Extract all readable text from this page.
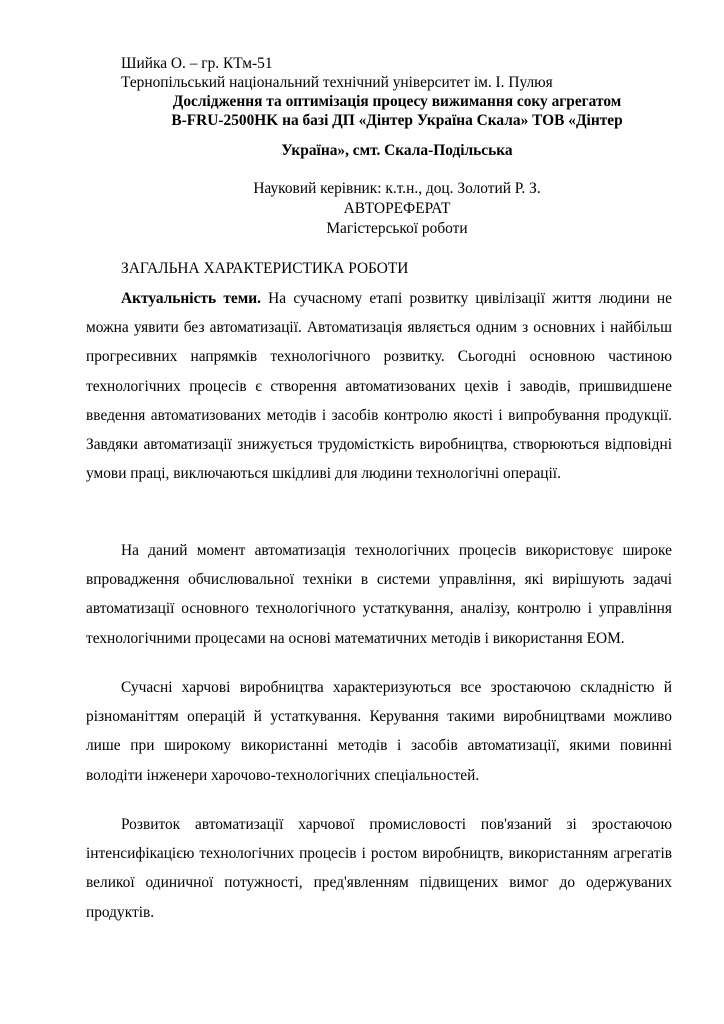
Шийка О. – гр. КТм-51
Тернопільський національний технічний університет ім. І. Пулюя
Дослідження та оптимізація процесу вижимання соку агрегатом
B-FRU-2500HK на базі ДП «Дінтер Україна Скала» ТОВ «Дінтер
Україна», смт. Скала-Подільська
Науковий керівник: к.т.н., доц. Золотий Р. З.
АВТОРЕФЕРАТ
Магістерської роботи
ЗАГАЛЬНА ХАРАКТЕРИСТИКА РОБОТИ
Актуальність теми. На сучасному етапі розвитку цивілізації життя людини не можна уявити без автоматизації. Автоматизація являється одним з основних і найбільш прогресивних напрямків технологічного розвитку. Сьогодні основною частиною технологічних процесів є створення автоматизованих цехів і заводів, пришвидшене введення автоматизованих методів і засобів контролю якості і випробування продукції. Завдяки автоматизації знижується трудомісткість виробництва, створюються відповідні умови праці, виключаються шкідливі для людини технологічні операції.
На даний момент автоматизація технологічних процесів використовує широке впровадження обчислювальної техніки в системи управління, які вирішують задачі автоматизації основного технологічного устаткування, аналізу, контролю і управління технологічними процесами на основі математичних методів і використання ЕОМ.
Сучасні харчові виробництва характеризуються все зростаючою складністю й різноманіттям операцій й устаткування. Керування такими виробництвами можливо лише при широкому використанні методів і засобів автоматизації, якими повинні володіти інженери харочово-технологічних спеціальностей.
Розвиток автоматизації харчової промисловості пов'язаний зі зростаючою інтенсифікацією технологічних процесів і ростом виробництв, використанням агрегатів великої одиничної потужності, пред'явленням підвищених вимог до одержуваних продуктів.
